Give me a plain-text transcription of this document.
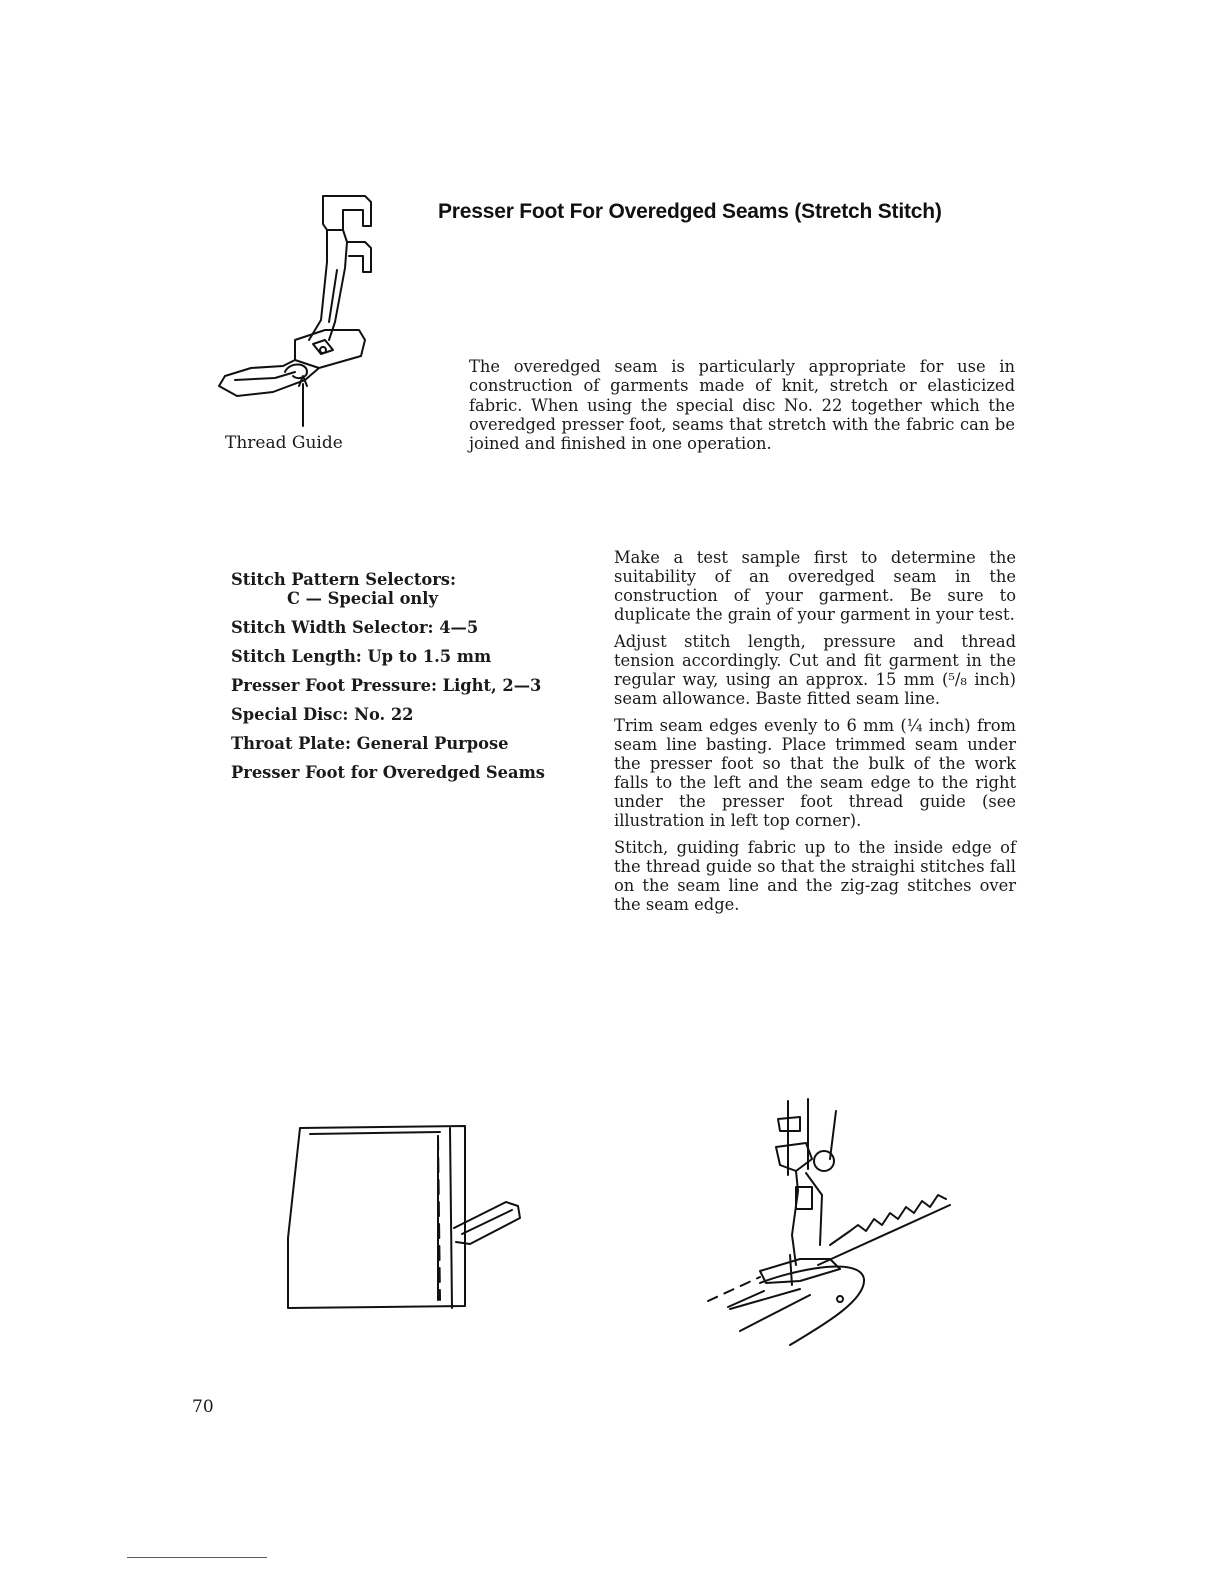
Presser Foot For Overedged Seams (Stretch Stitch)
The overedged seam is particularly appropriate for use in construction of garments made of knit, stretch or elasticized fabric. When using the special disc No. 22 together which the overedged presser foot, seams that stretch with the fabric can be joined and finished in one operation.
Thread Guide
Stitch Pattern Selectors:
C — Special only
Stitch Width Selector: 4—5
Stitch Length: Up to 1.5 mm
Presser Foot Pressure: Light, 2—3
Special Disc: No. 22
Throat Plate: General Purpose
Presser Foot for Overedged Seams

Make a test sample first to determine the suitability of an overedged seam in the construction of your garment. Be sure to duplicate the grain of your garment in your test.

Adjust stitch length, pressure and thread tension accordingly. Cut and fit garment in the regular way, using an approx. 15 mm (⁵/₈ inch) seam allowance. Baste fitted seam line.

Trim seam edges evenly to 6 mm (¼ inch) from seam line basting. Place trimmed seam under the presser foot so that the bulk of the work falls to the left and the seam edge to the right under the presser foot thread guide (see illustration in left top corner).

Stitch, guiding fabric up to the inside edge of the thread guide so that the straighi stitches fall on the seam line and the zig-zag stitches over the seam edge.

70
